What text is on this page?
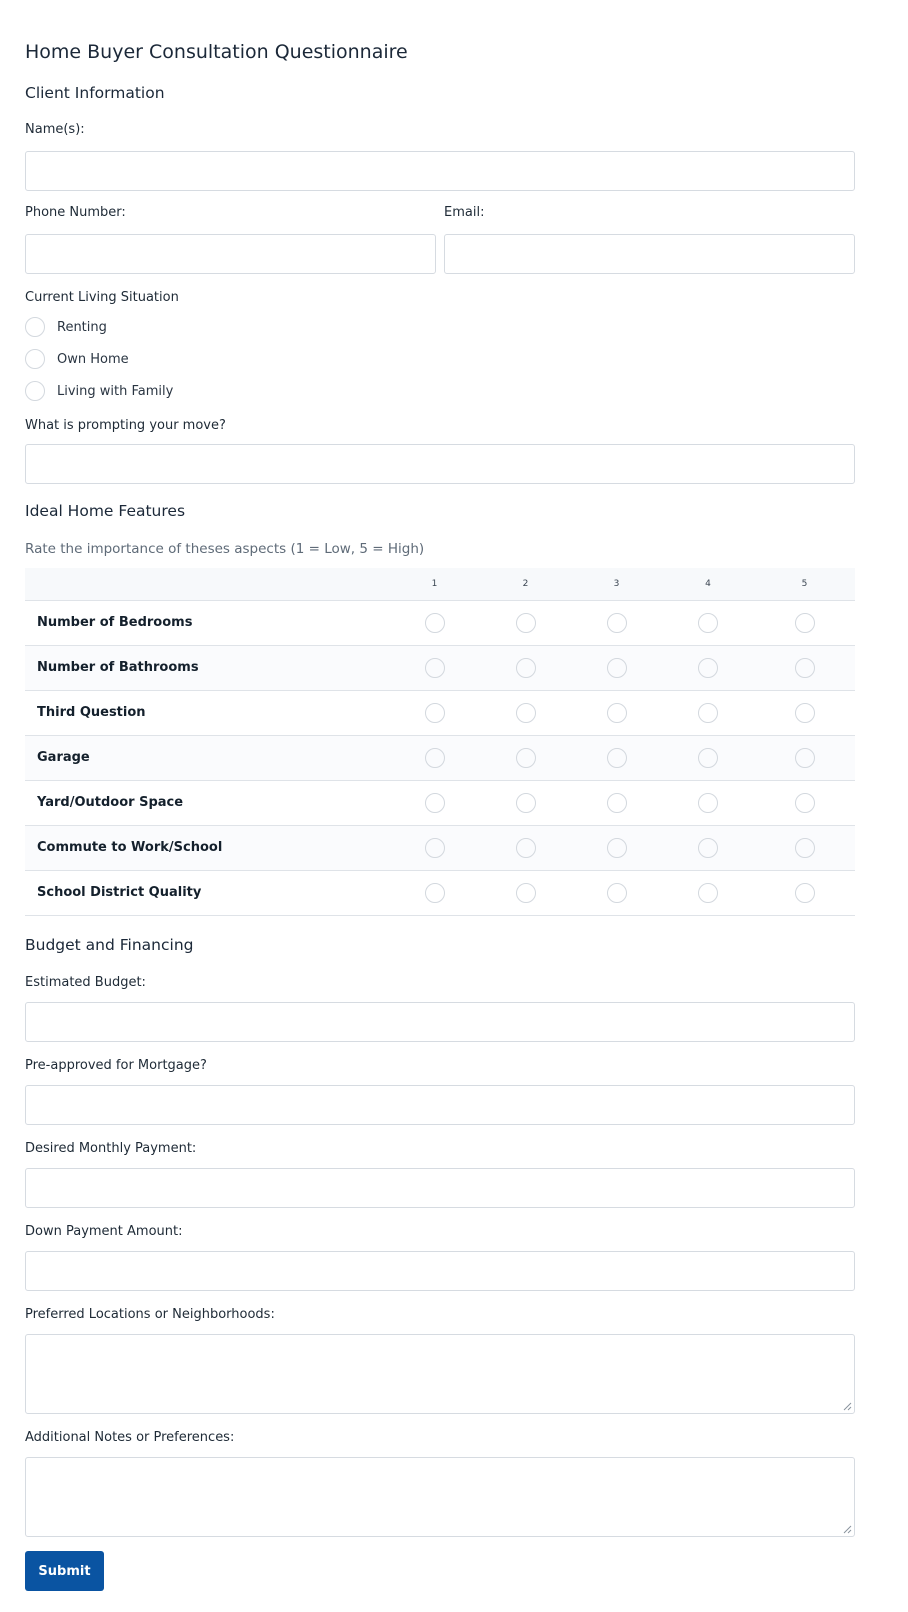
Home Buyer Consultation Questionnaire
Client Information
Name(s):
Phone Number:	Email:
Current Living Situation
Renting
Own Home
Living with Family
What is prompting your move?
Ideal Home Features
Rate the importance of theses aspects (1 = Low, 5 = High)
	1	2	3	4	5
Number of Bedrooms					
Number of Bathrooms					
Third Question					
Garage					
Yard/Outdoor Space					
Commute to Work/School					
School District Quality					
Budget and Financing
Estimated Budget:
Pre-approved for Mortgage?
Desired Monthly Payment:
Down Payment Amount:
Preferred Locations or Neighborhoods:
Additional Notes or Preferences:
Submit
